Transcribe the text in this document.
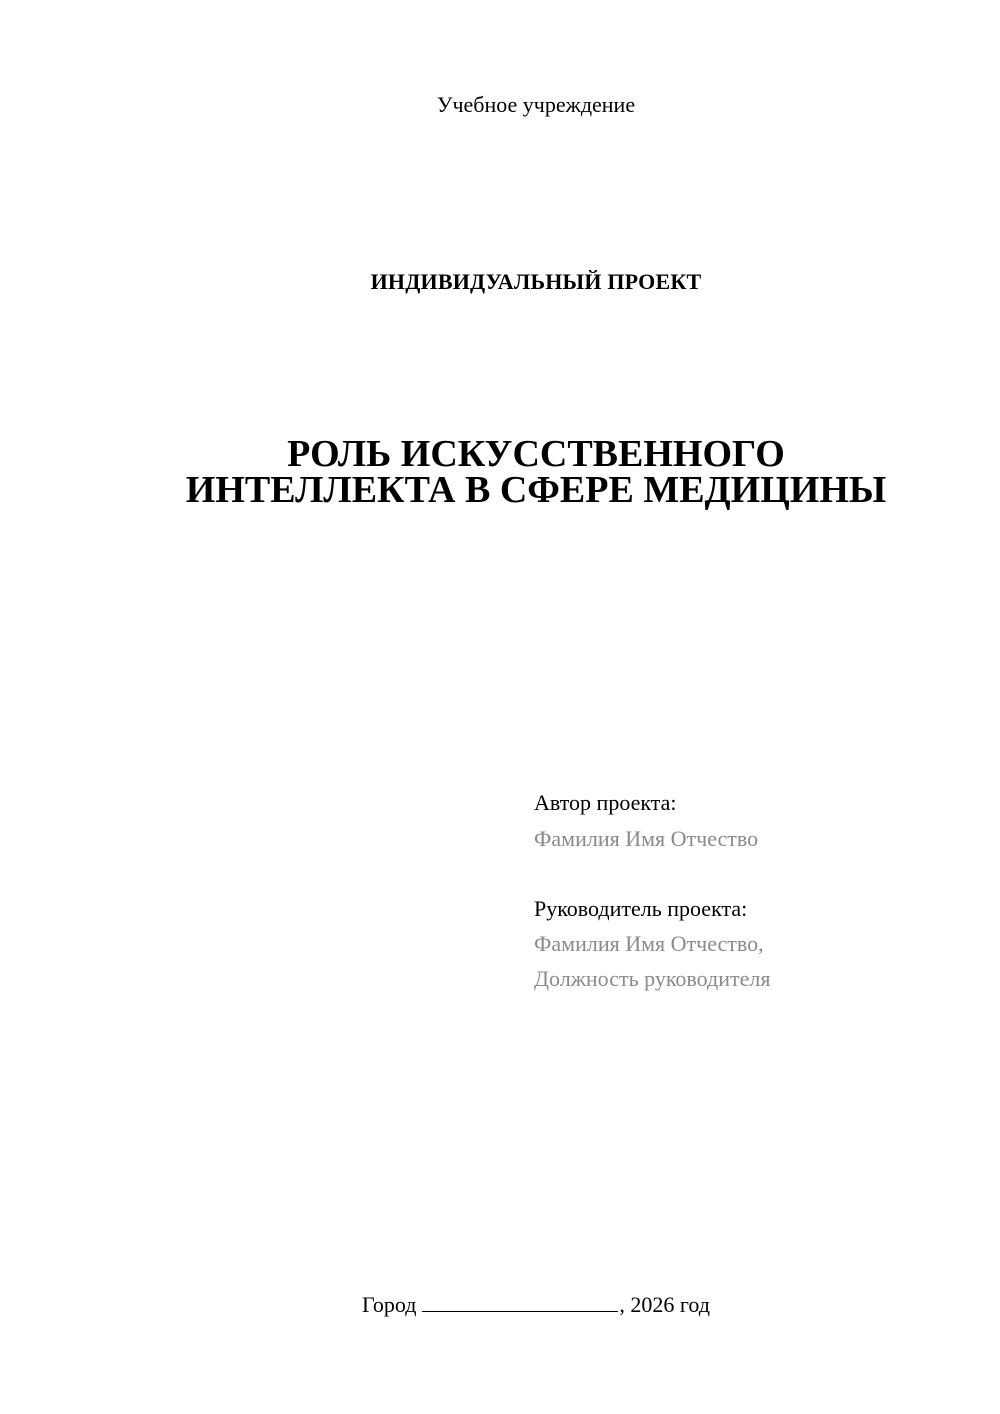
Учебное учреждение
ИНДИВИДУАЛЬНЫЙ ПРОЕКТ
РОЛЬ ИСКУССТВЕННОГО
ИНТЕЛЛЕКТА В СФЕРЕ МЕДИЦИНЫ
Автор проекта:
Фамилия Имя Отчество
Руководитель проекта:
Фамилия Имя Отчество,
Должность руководителя
Город	, 2026 год
